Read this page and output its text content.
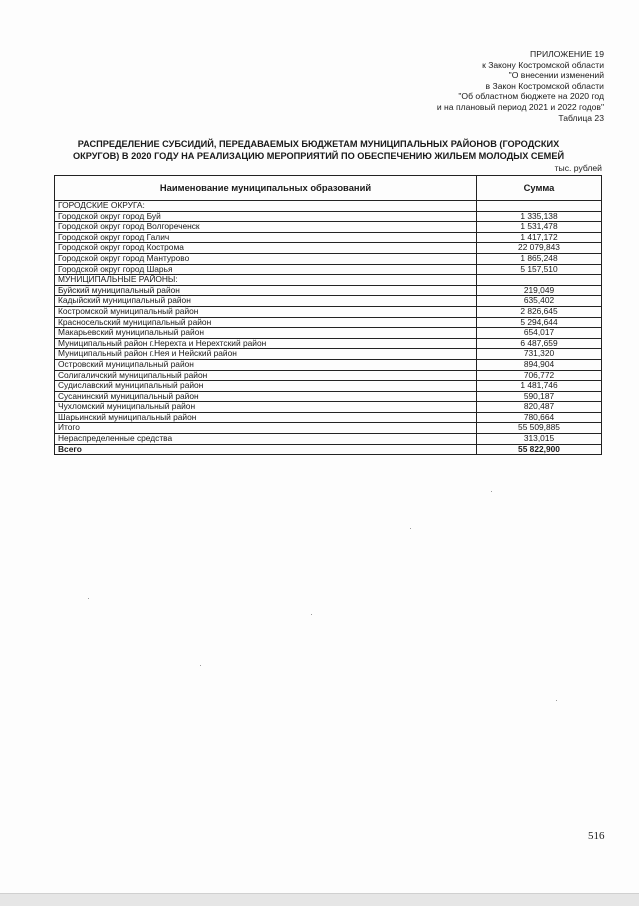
ПРИЛОЖЕНИЕ 19
к Закону Костромской области
"О внесении изменений
в Закон Костромской области
"Об областном бюджете на 2020 год
и на плановый период 2021 и 2022 годов"
Таблица 23
РАСПРЕДЕЛЕНИЕ СУБСИДИЙ, ПЕРЕДАВАЕМЫХ БЮДЖЕТАМ МУНИЦИПАЛЬНЫХ РАЙОНОВ (ГОРОДСКИХ
ОКРУГОВ) В 2020 ГОДУ НА РЕАЛИЗАЦИЮ МЕРОПРИЯТИЙ ПО ОБЕСПЕЧЕНИЮ ЖИЛЬЕМ МОЛОДЫХ СЕМЕЙ
тыс. рублей
Наименование муниципальных образований	Сумма
ГОРОДСКИЕ ОКРУГА:	
Городской округ город Буй	1 335,138
Городской округ город Волгореченск	1 531,478
Городской округ город Галич	1 417,172
Городской округ город Кострома	22 079,843
Городской округ город Мантурово	1 865,248
Городской округ город Шарья	5 157,510
МУНИЦИПАЛЬНЫЕ РАЙОНЫ:	
Буйский муниципальный район	219,049
Кадыйский муниципальный район	635,402
Костромской муниципальный район	2 826,645
Красносельский муниципальный район	5 294,644
Макарьевский муниципальный район	654,017
Муниципальный район г.Нерехта и Нерехтский район	6 487,659
Муниципальный район г.Нея и Нейский район	731,320
Островский муниципальный район	894,904
Солигаличский муниципальный район	706,772
Судиславский муниципальный район	1 481,746
Сусанинский муниципальный район	590,187
Чухломский муниципальный район	820,487
Шарьинский муниципальный район	780,664
Итого	55 509,885
Нераспределенные средства	313,015
Всего	55 822,900
516
